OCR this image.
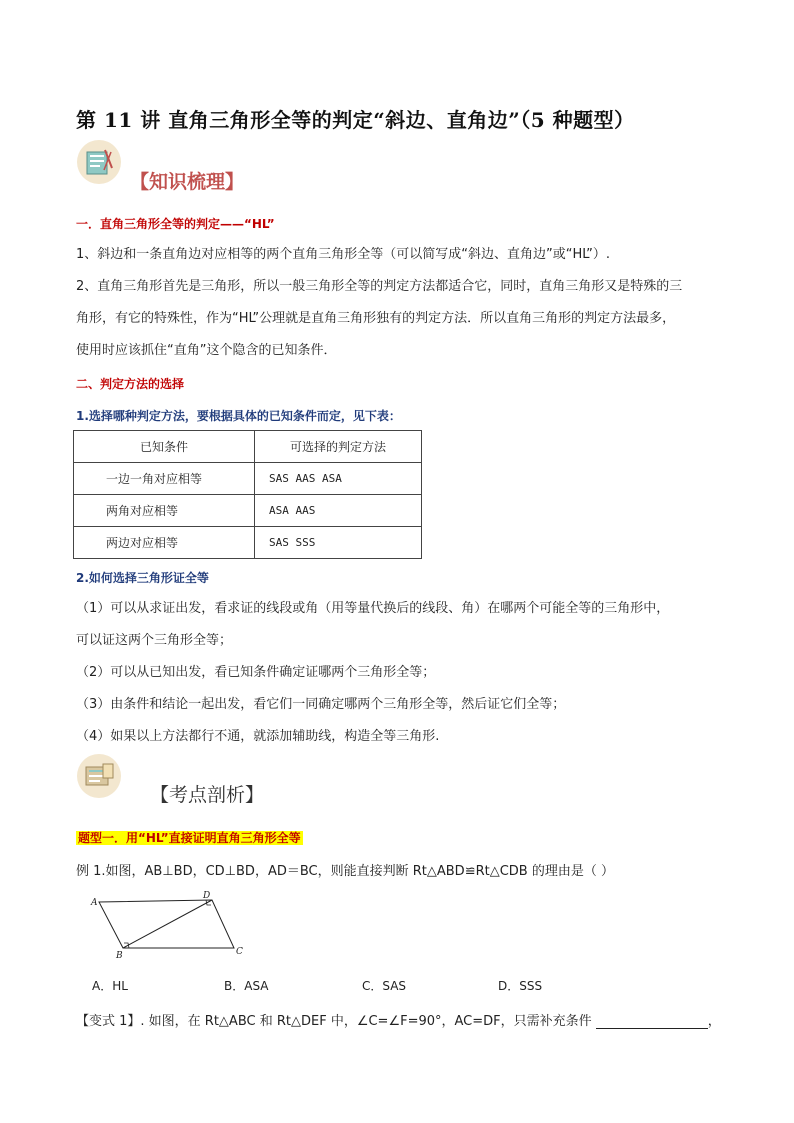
第 11 讲 直角三角形全等的判定“斜边、直角边”（5 种题型）
【知识梳理】
一．直角三角形全等的判定——“HL”
1、斜边和一条直角边对应相等的两个直角三角形全等（可以简写成“斜边、直角边”或“HL”）.
2、直角三角形首先是三角形，所以一般三角形全等的判定方法都适合它，同时，直角三角形又是特殊的三
角形，有它的特殊性，作为“HL”公理就是直角三角形独有的判定方法．所以直角三角形的判定方法最多，
使用时应该抓住“直角”这个隐含的已知条件．
二、判定方法的选择
1.选择哪种判定方法，要根据具体的已知条件而定，见下表：
已知条件	可选择的判定方法
一边一角对应相等	SAS AAS ASA
两角对应相等	ASA AAS
两边对应相等	SAS SSS
2.如何选择三角形证全等
（1）可以从求证出发，看求证的线段或角（用等量代换后的线段、角）在哪两个可能全等的三角形中，
可以证这两个三角形全等；
（2）可以从已知出发，看已知条件确定证哪两个三角形全等；
（3）由条件和结论一起出发，看它们一同确定哪两个三角形全等，然后证它们全等；
（4）如果以上方法都行不通，就添加辅助线，构造全等三角形.
【考点剖析】
题型一．用“HL”直接证明直角三角形全等
例 1.如图，AB⊥BD，CD⊥BD，AD＝BC，则能直接判断 Rt△ABD≌Rt△CDB 的理由是（ ）
A
B	C
D
A．HL	B．ASA	C．SAS	D．SSS
【变式 1】. 如图，在 Rt△ABC 和 Rt△DEF 中，∠C=∠F=90°，AC=DF，只需补充条件	，
